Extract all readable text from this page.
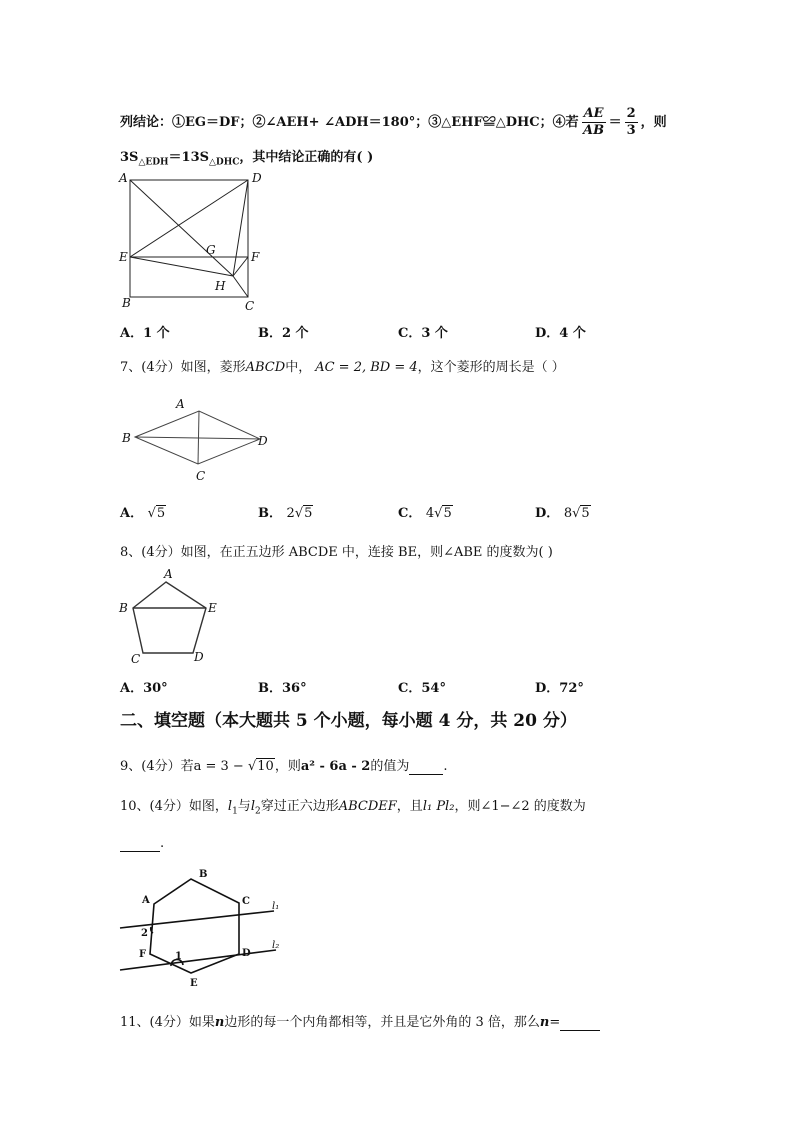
列结论：①EG＝DF；②∠AEH+ ∠ADH＝180°；③△EHF≌△DHC；④若 $\frac{AE}{AB} = \frac{2}{3}$ ，则
$3S_{\triangle EDH}=13S_{\triangle DHC}$，其中结论正确的有( )
A	D
E	G	F
H
B	C
A．1 个	B．2 个	C．3 个	D．4 个
7、(4分）如图，菱形ABCD中， AC = 2, BD = 4，这个菱形的周长是（ ）
A
B
C
D
A． √5	B． 2√5	C． 4√5	D． 8√5
8、(4分）如图，在正五边形 ABCDE 中，连接 BE，则∠ABE 的度数为( )
A
B	E
C	D
A．30°	B．36°	C．54°	D．72°
二、填空题（本大题共 5 个小题，每小题 4 分，共 20 分）
9、(4分）若a = 3 − √10，则a² - 6a - 2的值为	.
10、(4分）如图，$l_1$与$l_2$穿过正六边形ABCDEF，且l₁ Pl₂，则∠1−∠2 的度数为
.
A
B
C
D
E
F	1
2
l₁
l₂
11、(4分）如果n边形的每一个内角都相等，并且是它外角的 3 倍，那么n=
